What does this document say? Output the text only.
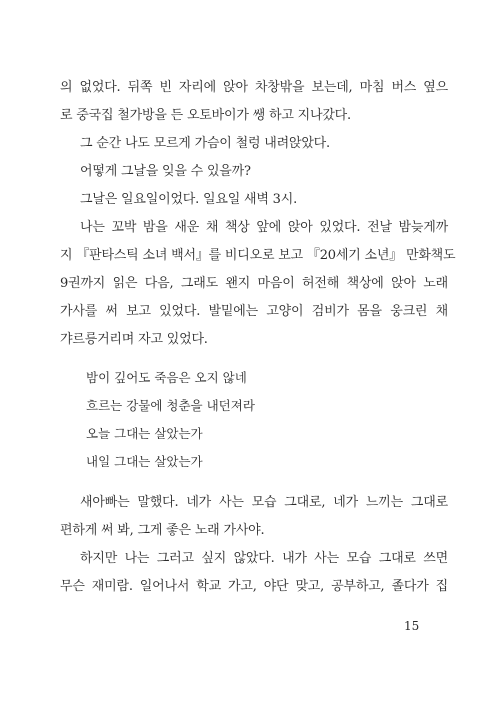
의 없었다. 뒤쪽 빈 자리에 앉아 차창밖을 보는데, 마침 버스 옆으
로 중국집 철가방을 든 오토바이가 쌩 하고 지나갔다.
그 순간 나도 모르게 가슴이 철렁 내려앉았다.
어떻게 그날을 잊을 수 있을까?
그날은 일요일이었다. 일요일 새벽 3시.
나는 꼬박 밤을 새운 채 책상 앞에 앉아 있었다. 전날 밤늦게까
지 『판타스틱 소녀 백서』를 비디오로 보고 『20세기 소년』 만화책도
9권까지 읽은 다음, 그래도 왠지 마음이 허전해 책상에 앉아 노래
가사를 써 보고 있었다. 발밑에는 고양이 검비가 몸을 웅크린 채
갸르릉거리며 자고 있었다.
밤이 깊어도 죽음은 오지 않네
흐르는 강물에 청춘을 내던져라
오늘 그대는 살았는가
내일 그대는 살았는가
새아빠는 말했다. 네가 사는 모습 그대로, 네가 느끼는 그대로
편하게 써 봐, 그게 좋은 노래 가사야.
하지만 나는 그러고 싶지 않았다. 내가 사는 모습 그대로 쓰면
무슨 재미람. 일어나서 학교 가고, 야단 맞고, 공부하고, 졸다가 집
15
